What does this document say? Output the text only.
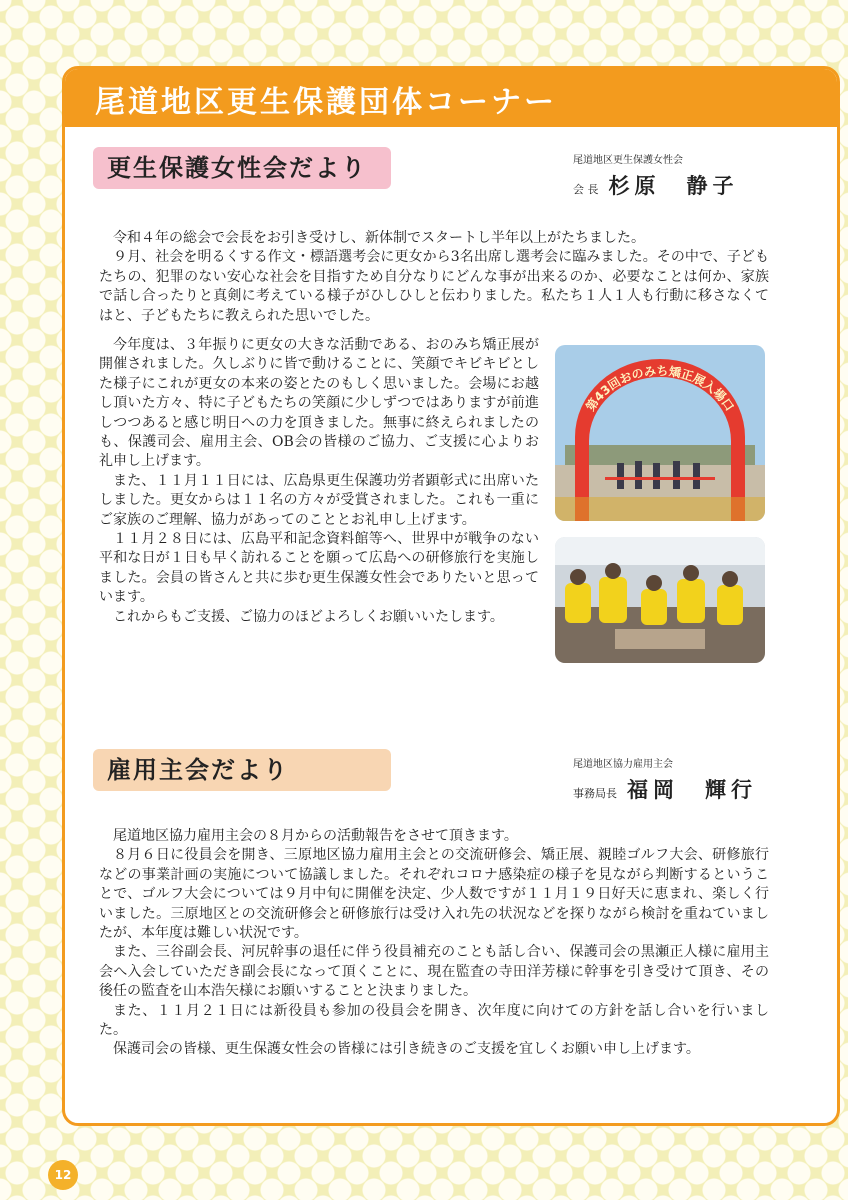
尾道地区更生保護団体コーナー
更生保護女性会だより	尾道地区更生保護女性会
会 長 杉原　静子

令和４年の総会で会長をお引き受けし、新体制でスタートし半年以上がたちました。

９月、社会を明るくする作文・標語選考会に更女から3名出席し選考会に臨みました。その中で、子どもたちの、犯罪のない安心な社会を目指すため自分なりにどんな事が出来るのか、必要なことは何か、家族で話し合ったりと真剣に考えている様子がひしひしと伝わりました。私たち１人１人も行動に移さなくてはと、子どもたちに教えられた思いでした。

今年度は、３年振りに更女の大きな活動である、おのみち矯正展が開催されました。久しぶりに皆で動けることに、笑顔でキビキビとした様子にこれが更女の本来の姿とたのもしく思いました。会場にお越し頂いた方々、特に子どもたちの笑顔に少しずつではありますが前進しつつあると感じ明日への力を頂きました。無事に終えられましたのも、保護司会、雇用主会、OB会の皆様のご協力、ご支援に心よりお礼申し上げます。

また、１１月１１日には、広島県更生保護功労者顕彰式に出席いたしました。更女からは１１名の方々が受賞されました。これも一重にご家族のご理解、協力があってのこととお礼申し上げます。

１１月２８日には、広島平和記念資料館等へ、世界中が戦争のない平和な日が１日も早く訪れることを願って広島への研修旅行を実施しました。会員の皆さんと共に歩む更生保護女性会でありたいと思っています。

これからもご支援、ご協力のほどよろしくお願いいたします。

第43回おのみち矯正展入場口
雇用主会だより	尾道地区協力雇用主会
事務局長 福岡　輝行

尾道地区協力雇用主会の８月からの活動報告をさせて頂きます。

８月６日に役員会を開き、三原地区協力雇用主会との交流研修会、矯正展、親睦ゴルフ大会、研修旅行などの事業計画の実施について協議しました。それぞれコロナ感染症の様子を見ながら判断するということで、ゴルフ大会については９月中旬に開催を決定、少人数ですが１１月１９日好天に恵まれ、楽しく行いました。三原地区との交流研修会と研修旅行は受け入れ先の状況などを探りながら検討を重ねていましたが、本年度は難しい状況です。

また、三谷副会長、河尻幹事の退任に伴う役員補充のことも話し合い、保護司会の黒瀬正人様に雇用主会へ入会していただき副会長になって頂くことに、現在監査の寺田洋芳様に幹事を引き受けて頂き、その後任の監査を山本浩矢様にお願いすることと決まりました。

また、１１月２１日には新役員も参加の役員会を開き、次年度に向けての方針を話し合いを行いました。

保護司会の皆様、更生保護女性会の皆様には引き続きのご支援を宜しくお願い申し上げます。

12
